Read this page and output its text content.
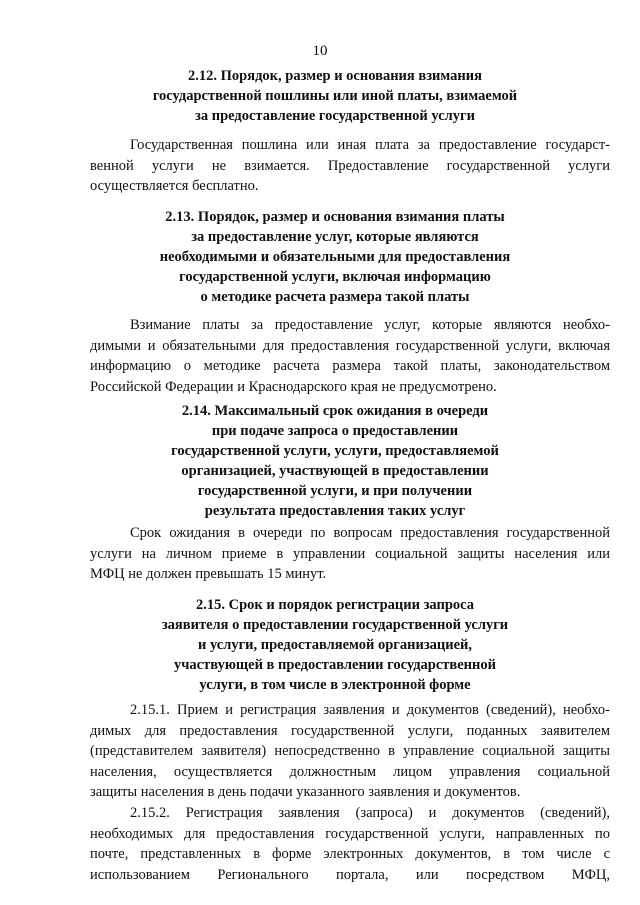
10
2.12. Порядок, размер и основания взимания
государственной пошлины или иной платы, взимаемой
за предоставление государственной услуги
Государственная пошлина или иная плата за предоставление государст-
венной услуги не взимается. Предоставление государственной услуги
осуществляется бесплатно.
2.13. Порядок, размер и основания взимания платы
за предоставление услуг, которые являются
необходимыми и обязательными для предоставления
государственной услуги, включая информацию
о методике расчета размера такой платы
Взимание платы за предоставление услуг, которые являются необхо-
димыми и обязательными для предоставления государственной услуги, включая
информацию о методике расчета размера такой платы, законодательством
Российской Федерации и Краснодарского края не предусмотрено.
2.14. Максимальный срок ожидания в очереди
при подаче запроса о предоставлении
государственной услуги, услуги, предоставляемой
организацией, участвующей в предоставлении
государственной услуги, и при получении
результата предоставления таких услуг
Срок ожидания в очереди по вопросам предоставления государственной
услуги на личном приеме в управлении социальной защиты населения или
МФЦ не должен превышать 15 минут.
2.15. Срок и порядок регистрации запроса
заявителя о предоставлении государственной услуги
и услуги, предоставляемой организацией,
участвующей в предоставлении государственной
услуги, в том числе в электронной форме
2.15.1. Прием и регистрация заявления и документов (сведений), необхо-
димых для предоставления государственной услуги, поданных заявителем
(представителем заявителя) непосредственно в управление социальной защиты
населения, осуществляется должностным лицом управления социальной
защиты населения в день подачи указанного заявления и документов.
2.15.2. Регистрация заявления (запроса) и документов (сведений),
необходимых для предоставления государственной услуги, направленных по
почте, представленных в форме электронных документов, в том числе с
использованием Регионального портала, или посредством МФЦ,
